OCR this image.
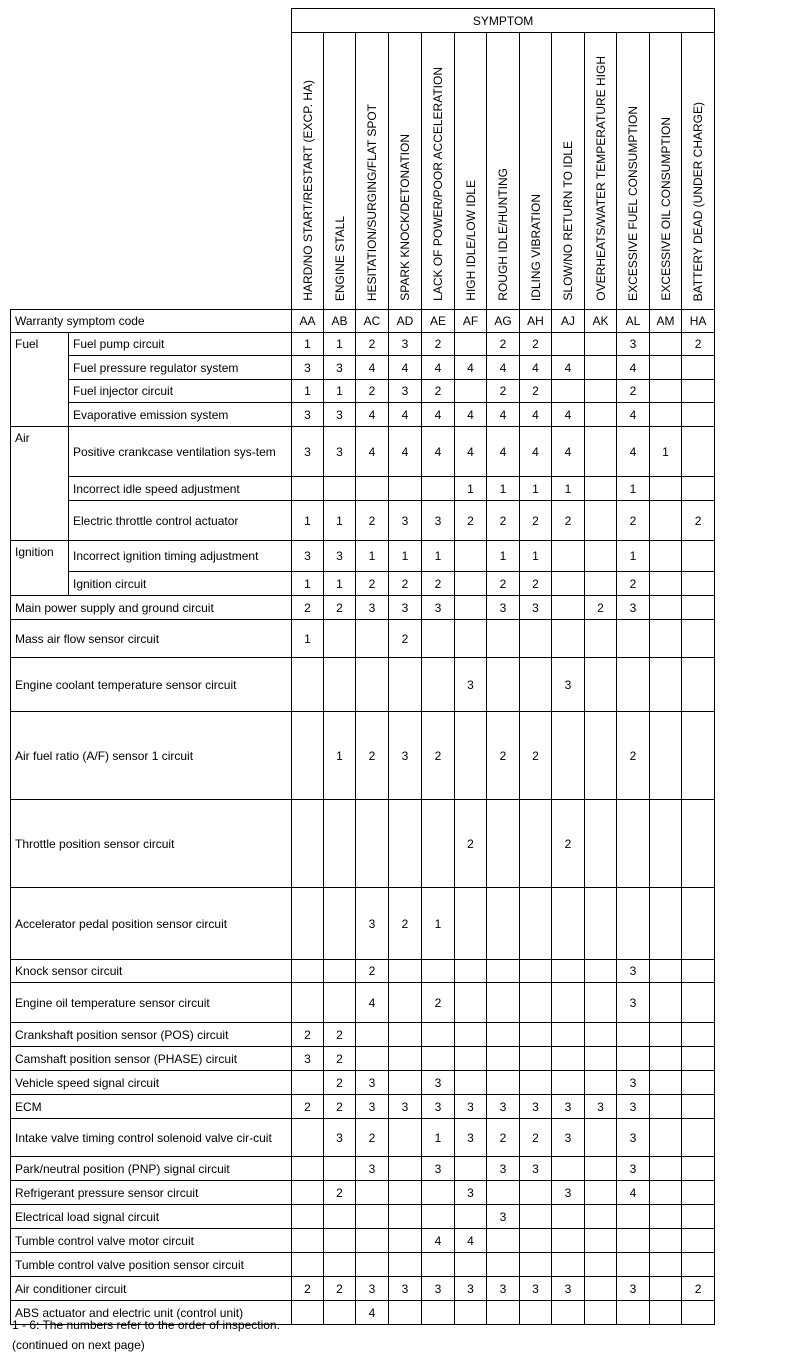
		SYMPTOM												

		HARD/NO START/RESTART (EXCP. HA)	ENGINE STALL	HESITATION/SURGING/FLAT SPOT	SPARK KNOCK/DETONATION	LACK OF POWER/POOR ACCELERATION	HIGH IDLE/LOW IDLE	ROUGH IDLE/HUNTING	IDLING VIBRATION	SLOW/NO RETURN TO IDLE	OVERHEATS/WATER TEMPERATURE HIGH	EXCESSIVE FUEL CONSUMPTION	EXCESSIVE OIL CONSUMPTION	BATTERY DEAD (UNDER CHARGE)

Warranty symptom code		AA	AB	AC	AD	AE	AF	AG	AH	AJ	AK	AL	AM	HA
Fuel	Fuel pump circuit	1	1	2	3	2		2	2			3		2
	Fuel pressure regulator system	3	3	4	4	4	4	4	4	4		4		
	Fuel injector circuit	1	1	2	3	2		2	2			2		
	Evaporative emission system	3	3	4	4	4	4	4	4	4		4		
Air	Positive crankcase ventilation sys-tem	3	3	4	4	4	4	4	4	4		4	1	
	Incorrect idle speed adjustment						1	1	1	1		1		
	Electric throttle control actuator	1	1	2	3	3	2	2	2	2		2		2
Ignition	Incorrect ignition timing adjustment	3	3	1	1	1		1	1			1		
	Ignition circuit	1	1	2	2	2		2	2			2		
Main power supply and ground circuit		2	2	3	3	3		3	3		2	3		
Mass air flow sensor circuit		1			2									
Engine coolant temperature sensor circuit							3			3				
Air fuel ratio (A/F) sensor 1 circuit			1	2	3	2		2	2			2		
Throttle position sensor circuit							2			2				
Accelerator pedal position sensor circuit				3	2	1								
Knock sensor circuit				2								3		
Engine oil temperature sensor circuit				4		2						3		
Crankshaft position sensor (POS) circuit		2	2											
Camshaft position sensor (PHASE) circuit		3	2											
Vehicle speed signal circuit			2	3		3						3		
ECM		2	2	3	3	3	3	3	3	3	3	3		
Intake valve timing control solenoid valve cir-cuit			3	2		1	3	2	2	3		3		
Park/neutral position (PNP) signal circuit				3		3		3	3			3		
Refrigerant pressure sensor circuit			2				3			3		4		
Electrical load signal circuit								3						
Tumble control valve motor circuit						4	4							
Tumble control valve position sensor circuit														
Air conditioner circuit		2	2	3	3	3	3	3	3	3		3		2
ABS actuator and electric unit (control unit)				4										
1 - 6: The numbers refer to the order of inspection.
(continued on next page)
